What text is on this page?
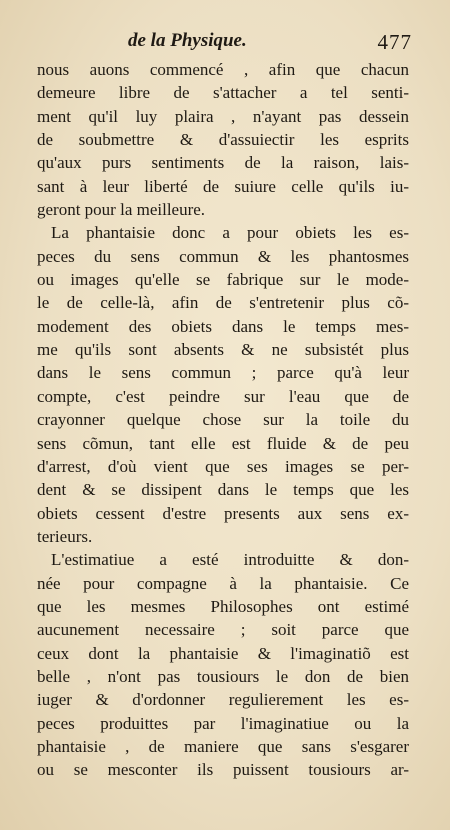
de la Physique.	477
nous auons commencé , afin que chacun
demeure libre de s'attacher a tel senti-
ment qu'il luy plaira , n'ayant pas dessein
de soubmettre & d'assuiectir les esprits
qu'aux purs sentiments de la raison, lais-
sant à leur liberté de suiure celle qu'ils iu-
geront pour la meilleure.
La phantaisie donc a pour obiets les es-
peces du sens commun & les phantosmes
ou images qu'elle se fabrique sur le mode-
le de celle-là, afin de s'entretenir plus cõ-
modement des obiets dans le temps mes-
me qu'ils sont absents & ne subsistét plus
dans le sens commun ; parce qu'à leur
compte, c'est peindre sur l'eau que de
crayonner quelque chose sur la toile du
sens cõmun, tant elle est fluide & de peu
d'arrest, d'où vient que ses images se per-
dent & se dissipent dans le temps que les
obiets cessent d'estre presents aux sens ex-
terieurs.
L'estimatiue a esté introduitte & don-
née pour compagne à la phantaisie. Ce
que les mesmes Philosophes ont estimé
aucunement necessaire ; soit parce que
ceux dont la phantaisie & l'imaginatiõ est
belle , n'ont pas tousiours le don de bien
iuger & d'ordonner regulierement les es-
peces produittes par l'imaginatiue ou la
phantaisie , de maniere que sans s'esgarer
ou se mesconter ils puissent tousiours ar-
